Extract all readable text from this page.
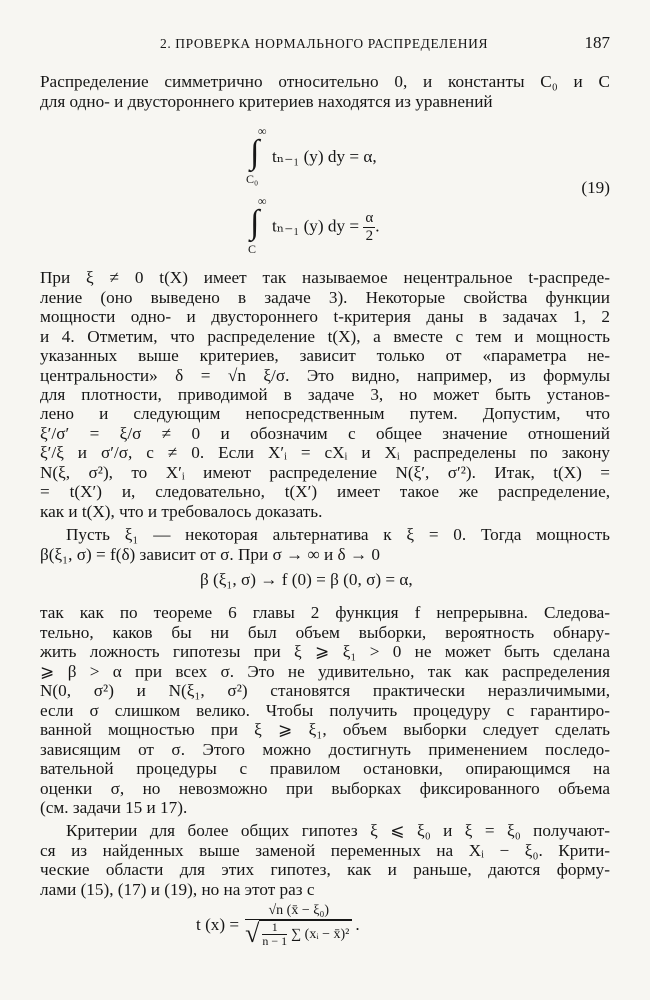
2. ПРОВЕРКА НОРМАЛЬНОГО РАСПРЕДЕЛЕНИЯ	187
Распределение симметрично относительно 0, и константы C₀ и C
для одно- и двустороннего критериев находятся из уравнений
∞
∫
C₀
tₙ₋₁ (y) dy = α,
∞
∫
C
tₙ₋₁ (y) dy = $\frac{\alpha}{2}$ .
(19)
При ξ ≠ 0 t(X) имеет так называемое нецентральное t-распреде-
ление (оно выведено в задаче 3). Некоторые свойства функции
мощности одно- и двустороннего t-критерия даны в задачах 1, 2
и 4. Отметим, что распределение t(X), а вместе с тем и мощность
указанных выше критериев, зависит только от «параметра не-
центральности» δ = √n ξ/σ. Это видно, например, из формулы
для плотности, приводимой в задаче 3, но может быть установ-
лено и следующим непосредственным путем. Допустим, что
ξ′/σ′ = ξ/σ ≠ 0 и обозначим c общее значение отношений
ξ′/ξ и σ′/σ, c ≠ 0. Если X′ᵢ = cXᵢ и Xᵢ распределены по закону
N(ξ, σ²), то X′ᵢ имеют распределение N(ξ′, σ′²). Итак, t(X) =
= t(X′) и, следовательно, t(X′) имеет такое же распределение,
как и t(X), что и требовалось доказать.
Пусть ξ₁ — некоторая альтернатива к ξ = 0. Тогда мощность
β(ξ₁, σ) = f(δ) зависит от σ. При σ → ∞ и δ → 0
β (ξ₁, σ) → f (0) = β (0, σ) = α,
так как по теореме 6 главы 2 функция f непрерывна. Следова-
тельно, каков бы ни был объем выборки, вероятность обнару-
жить ложность гипотезы при ξ ⩾ ξ₁ > 0 не может быть сделана
⩾ β > α при всех σ. Это не удивительно, так как распределения
N(0, σ²) и N(ξ₁, σ²) становятся практически неразличимыми,
если σ слишком велико. Чтобы получить процедуру с гарантиро-
ванной мощностью при ξ ⩾ ξ₁, объем выборки следует сделать
зависящим от σ. Этого можно достигнуть применением последо-
вательной процедуры с правилом остановки, опирающимся на
оценки σ, но невозможно при выборках фиксированного объема
(см. задачи 15 и 17).
Критерии для более общих гипотез ξ ⩽ ξ₀ и ξ = ξ₀ получают-
ся из найденных выше заменой переменных на Xᵢ − ξ₀. Крити-
ческие области для этих гипотез, как и раньше, даются форму-
лами (15), (17) и (19), но на этот раз с
t (x) =
√n (x̄ − ξ₀)
√ $\frac{1}{n - 1}$ ∑ (xᵢ − x̄)²
.
